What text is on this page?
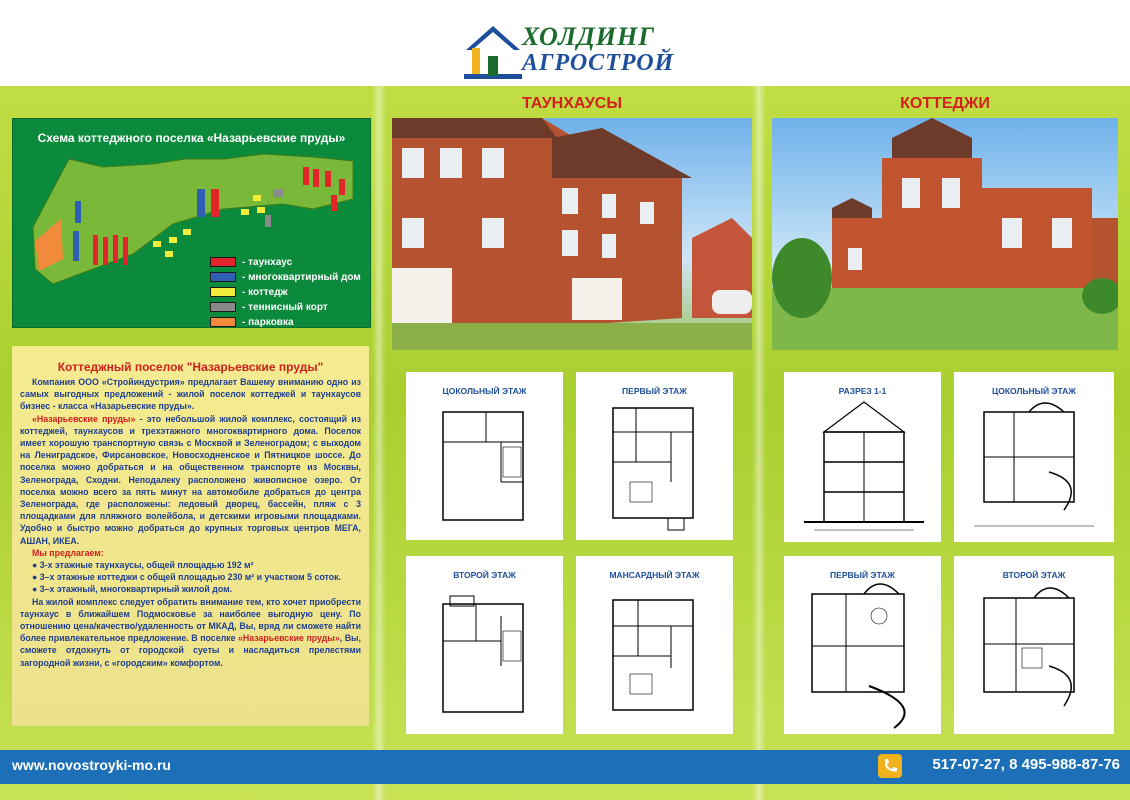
ХОЛДИНГ
АГРОСТРОЙ
ТАУНХАУСЫ	КОТТЕДЖИ
Схема коттеджного поселка «Назарьевские пруды»
- таунхаус
- многоквартирный дом
- коттедж
- теннисный корт
- парковка
Коттеджный поселок "Назарьевские пруды"

Компания ООО «Стройиндустрия» предлагает Вашему вниманию одно из самых выгодных предложений - жилой поселок коттеджей и таунхаусов бизнес - класса «Назарьевские пруды».

«Назарьевские пруды» - это небольшой жилой комплекс, состоящий из коттеджей, таунхаусов и трехэтажного многоквартирного дома. Поселок имеет хорошую транспортную связь с Москвой и Зеленоградом; с выходом на Лениградское, Фирсановское, Новосходненское и Пятницкое шоссе. До поселка можно добраться и на общественном транспорте из Москвы, Зеленограда, Сходни. Неподалеку расположено живописное озеро. От поселка можно всего за пять минут на автомобиле добраться до центра Зеленограда, где расположены: ледовый дворец, бассейн, пляж с 3 площадками для пляжного волейбола, и детскими игровыми площадками. Удобно и быстро можно добраться до крупных торговых центров МЕГА, АШАН, ИКЕА.

Мы предлагаем:

● 3-х этажные таунхаусы, общей площадью 192 м²

● 3–х этажные коттеджи с общей площадью 230 м² и участком 5 соток.

● 3–х этажный, многоквартирный жилой дом.

На жилой комплекс следует обратить внимание тем, кто хочет приобрести таунхаус в ближайшем Подмосковье за наиболее выгодную цену. По отношению цена/качество/удаленность от МКАД, Вы, вряд ли сможете найти более привлекательное предложение. В поселке «Назарьевские пруды», Вы, сможете отдохнуть от городской суеты и насладиться прелестями загородной жизни, с «городским» комфортом.

ЦОКОЛЬНЫЙ ЭТАЖ	ПЕРВЫЙ ЭТАЖ
ВТОРОЙ ЭТАЖ	МАНСАРДНЫЙ ЭТАЖ
РАЗРЕЗ 1-1	ЦОКОЛЬНЫЙ ЭТАЖ
ПЕРВЫЙ ЭТАЖ	ВТОРОЙ ЭТАЖ
www.novostroyki-mo.ru	517-07-27, 8 495-988-87-76
